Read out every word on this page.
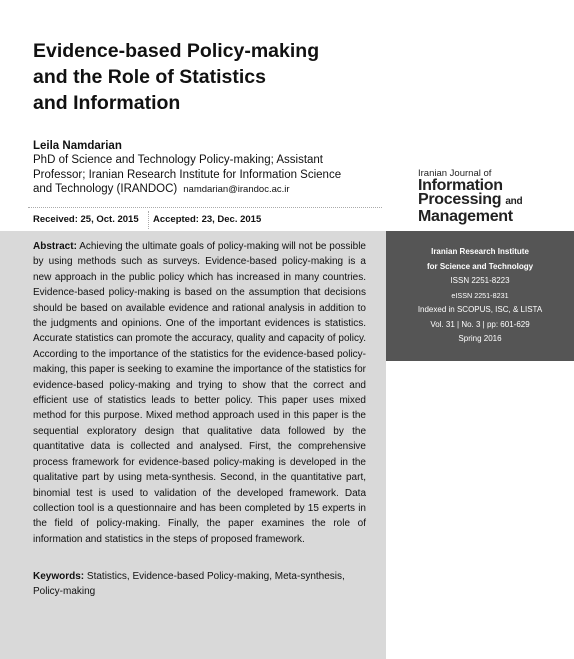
Evidence-based Policy-making
and the Role of Statistics
and Information
Leila Namdarian
PhD of Science and Technology Policy-making; Assistant
Professor; Iranian Research Institute for Information Science
and Technology (IRANDOC) namdarian@irandoc.ac.ir
Received: 25, Oct. 2015 Accepted: 23, Dec. 2015
Iranian Journal of
Information
Processing and
Management
Abstract: Achieving the ultimate goals of policy-making will not be possible by using methods such as surveys. Evidence-based policy-making is a new approach in the public policy which has increased in many countries. Evidence-based policy-making is based on the assumption that decisions should be based on available evidence and rational analysis in addition to the judgments and opinions. One of the important evidences is statistics. Accurate statistics can promote the accuracy, quality and capacity of policy. According to the importance of the statistics for the evidence-based policy-making, this paper is seeking to examine the importance of the statistics for evidence-based policy-making and trying to show that the correct and efficient use of statistics leads to better policy. This paper uses mixed method for this purpose. Mixed method approach used in this paper is the sequential exploratory design that qualitative data followed by the quantitative data is collected and analysed. First, the comprehensive process framework for evidence-based policy-making is developed in the qualitative part by using meta-synthesis. Second, in the quantitative part, binomial test is used to validation of the developed framework. Data collection tool is a questionnaire and has been completed by 15 experts in the field of policy-making. Finally, the paper examines the role of information and statistics in the steps of proposed framework.
Keywords: Statistics, Evidence-based Policy-making, Meta-synthesis, Policy-making
Iranian Research Institute
for Science and Technology
ISSN 2251-8223
eISSN 2251-8231
Indexed in SCOPUS, ISC, & LISTA
Vol. 31 | No. 3 | pp: 601-629
Spring 2016
